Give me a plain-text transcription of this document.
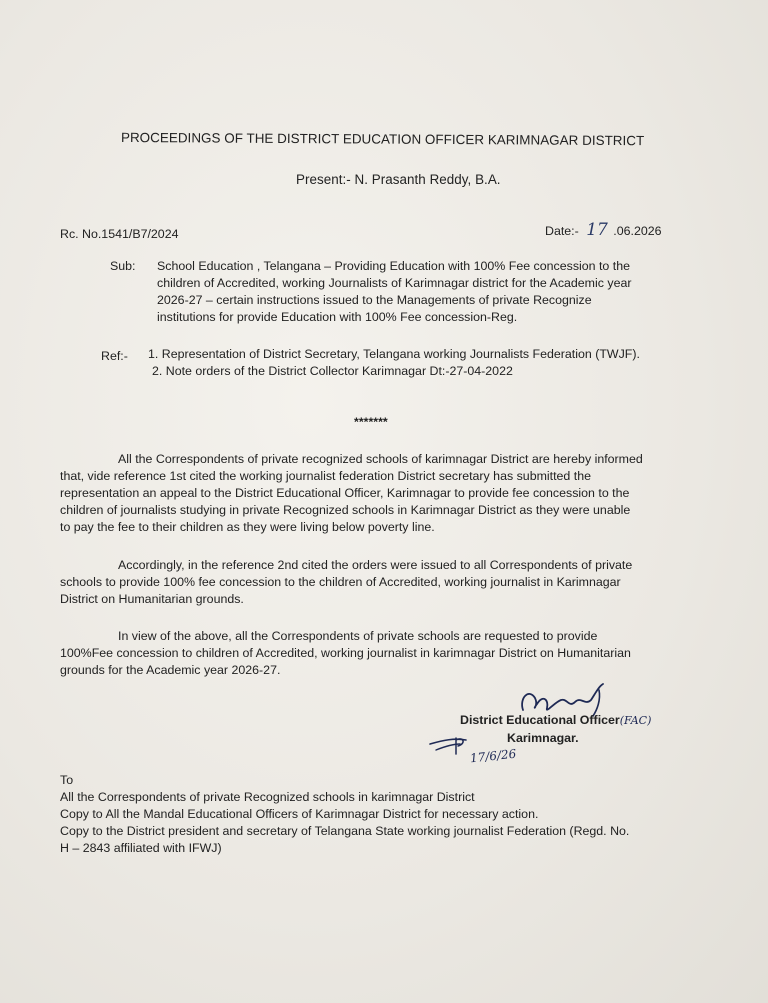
PROCEEDINGS OF THE DISTRICT EDUCATION OFFICER KARIMNAGAR DISTRICT
Present:- N. Prasanth Reddy, B.A.
Rc. No.1541/B7/2024	Date:- 17 .06.2026
Sub: School Education , Telangana – Providing Education with 100% Fee concession to the
children of Accredited, working Journalists of Karimnagar district for the Academic year
2026-27 – certain instructions issued to the Managements of private Recognize
institutions for provide Education with 100% Fee concession-Reg.
Ref:- 1. Representation of District Secretary, Telangana working Journalists Federation (TWJF).
2. Note orders of the District Collector Karimnagar Dt:-27-04-2022
*******
All the Correspondents of private recognized schools of karimnagar District are hereby informed
that, vide reference 1st cited the working journalist federation District secretary has submitted the
representation an appeal to the District Educational Officer, Karimnagar to provide fee concession to the
children of journalists studying in private Recognized schools in Karimnagar District as they were unable
to pay the fee to their children as they were living below poverty line.
Accordingly, in the reference 2nd cited the orders were issued to all Correspondents of private
schools to provide 100% fee concession to the children of Accredited, working journalist in Karimnagar
District on Humanitarian grounds.
In view of the above, all the Correspondents of private schools are requested to provide
100%Fee concession to children of Accredited, working journalist in karimnagar District on Humanitarian
grounds for the Academic year 2026-27.
District Educational Officer(FAC)
Karimnagar.
17/6/26
To
All the Correspondents of private Recognized schools in karimnagar District
Copy to All the Mandal Educational Officers of Karimnagar District for necessary action.
Copy to the District president and secretary of Telangana State working journalist Federation (Regd. No.
H – 2843 affiliated with IFWJ)
